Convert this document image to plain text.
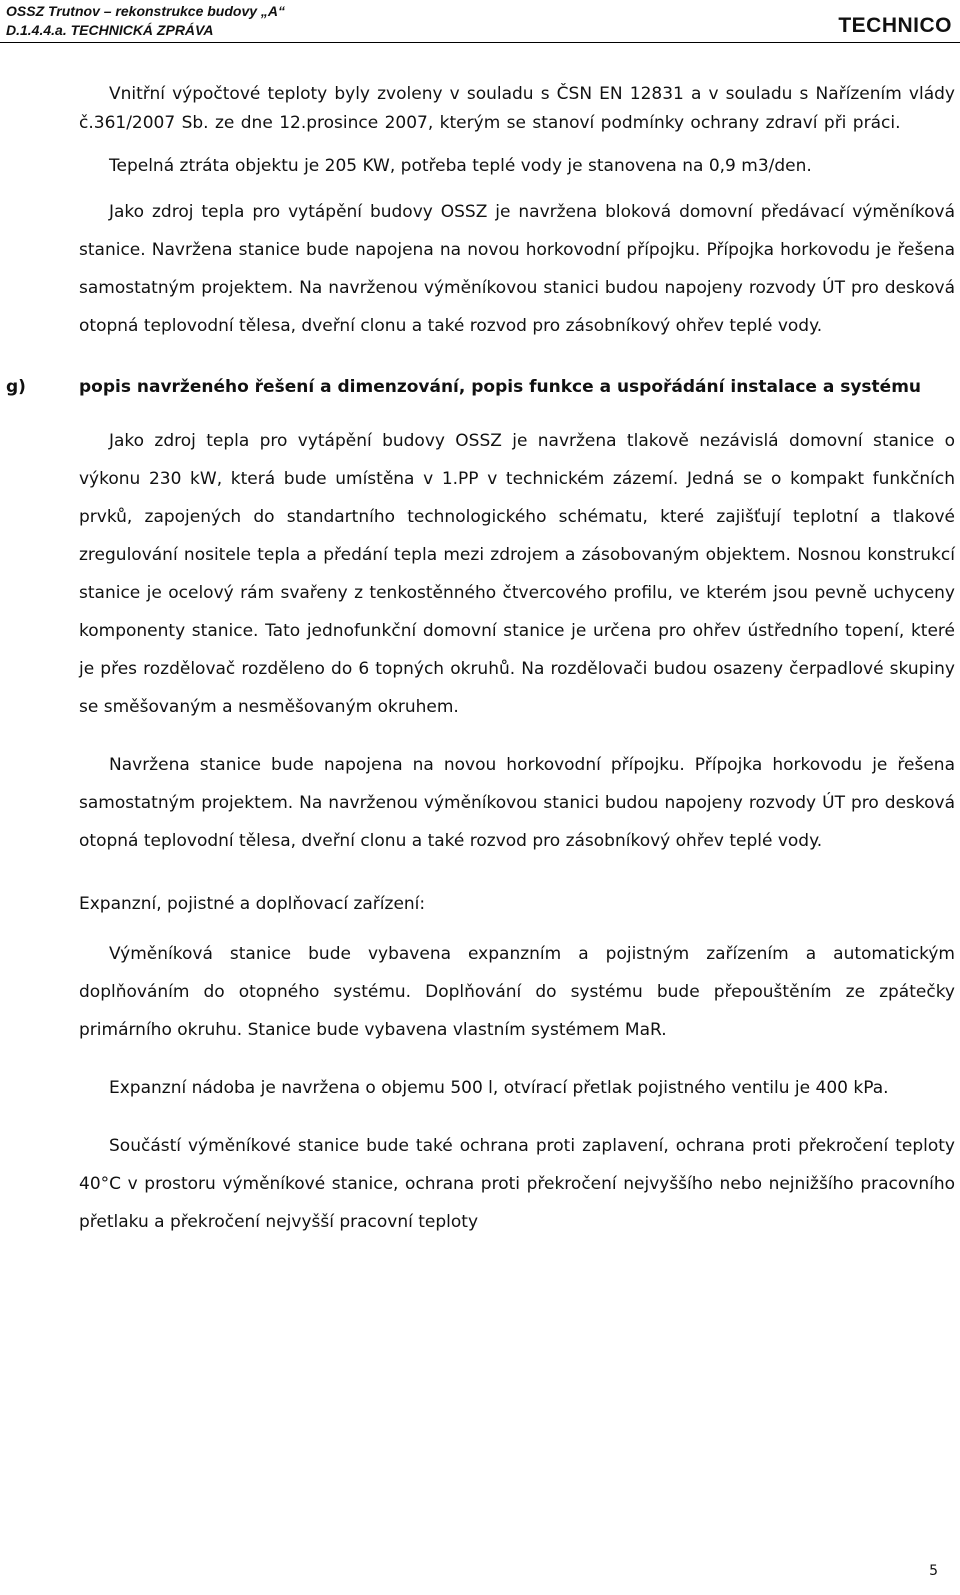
OSSZ Trutnov – rekonstrukce budovy „A“
D.1.4.4.a. TECHNICKÁ ZPRÁVA	TECHNICO

Vnitřní výpočtové teploty byly zvoleny v souladu s ČSN EN 12831 a v souladu s Nařízením vlády č.361/2007 Sb. ze dne 12.prosince 2007, kterým se stanoví podmínky ochrany zdraví při práci.

Tepelná ztráta objektu je 205 KW, potřeba teplé vody je stanovena na 0,9 m3/den.

Jako zdroj tepla pro vytápění budovy OSSZ je navržena bloková domovní předávací výměníková stanice. Navržena stanice bude napojena na novou horkovodní přípojku. Přípojka horkovodu je řešena samostatným projektem. Na navrženou výměníkovou stanici budou napojeny rozvody ÚT pro desková otopná teplovodní tělesa, dveřní clonu a také rozvod pro zásobníkový ohřev teplé vody.

g)	popis navrženého řešení a dimenzování, popis funkce a uspořádání instalace a systému

Jako zdroj tepla pro vytápění budovy OSSZ je navržena tlakově nezávislá domovní stanice o výkonu 230 kW, která bude umístěna v 1.PP v technickém zázemí. Jedná se o kompakt funkčních prvků, zapojených do standartního technologického schématu, které zajišťují teplotní a tlakové zregulování nositele tepla a předání tepla mezi zdrojem a zásobovaným objektem. Nosnou konstrukcí stanice je ocelový rám svařeny z tenkostěnného čtvercového profilu, ve kterém jsou pevně uchyceny komponenty stanice. Tato jednofunkční domovní stanice je určena pro ohřev ústředního topení, které je přes rozdělovač rozděleno do 6 topných okruhů. Na rozdělovači budou osazeny čerpadlové skupiny se směšovaným a nesměšovaným okruhem.

Navržena stanice bude napojena na novou horkovodní přípojku. Přípojka horkovodu je řešena samostatným projektem. Na navrženou výměníkovou stanici budou napojeny rozvody ÚT pro desková otopná teplovodní tělesa, dveřní clonu a také rozvod pro zásobníkový ohřev teplé vody.

Expanzní, pojistné a doplňovací zařízení:

Výměníková stanice bude vybavena expanzním a pojistným zařízením a automatickým doplňováním do otopného systému. Doplňování do systému bude přepouštěním ze zpátečky primárního okruhu. Stanice bude vybavena vlastním systémem MaR.

Expanzní nádoba je navržena o objemu 500 l, otvírací přetlak pojistného ventilu je 400 kPa.

Součástí výměníkové stanice bude také ochrana proti zaplavení, ochrana proti překročení teploty 40°C v prostoru výměníkové stanice, ochrana proti překročení nejvyššího nebo nejnižšího pracovního přetlaku a překročení nejvyšší pracovní teploty

5
